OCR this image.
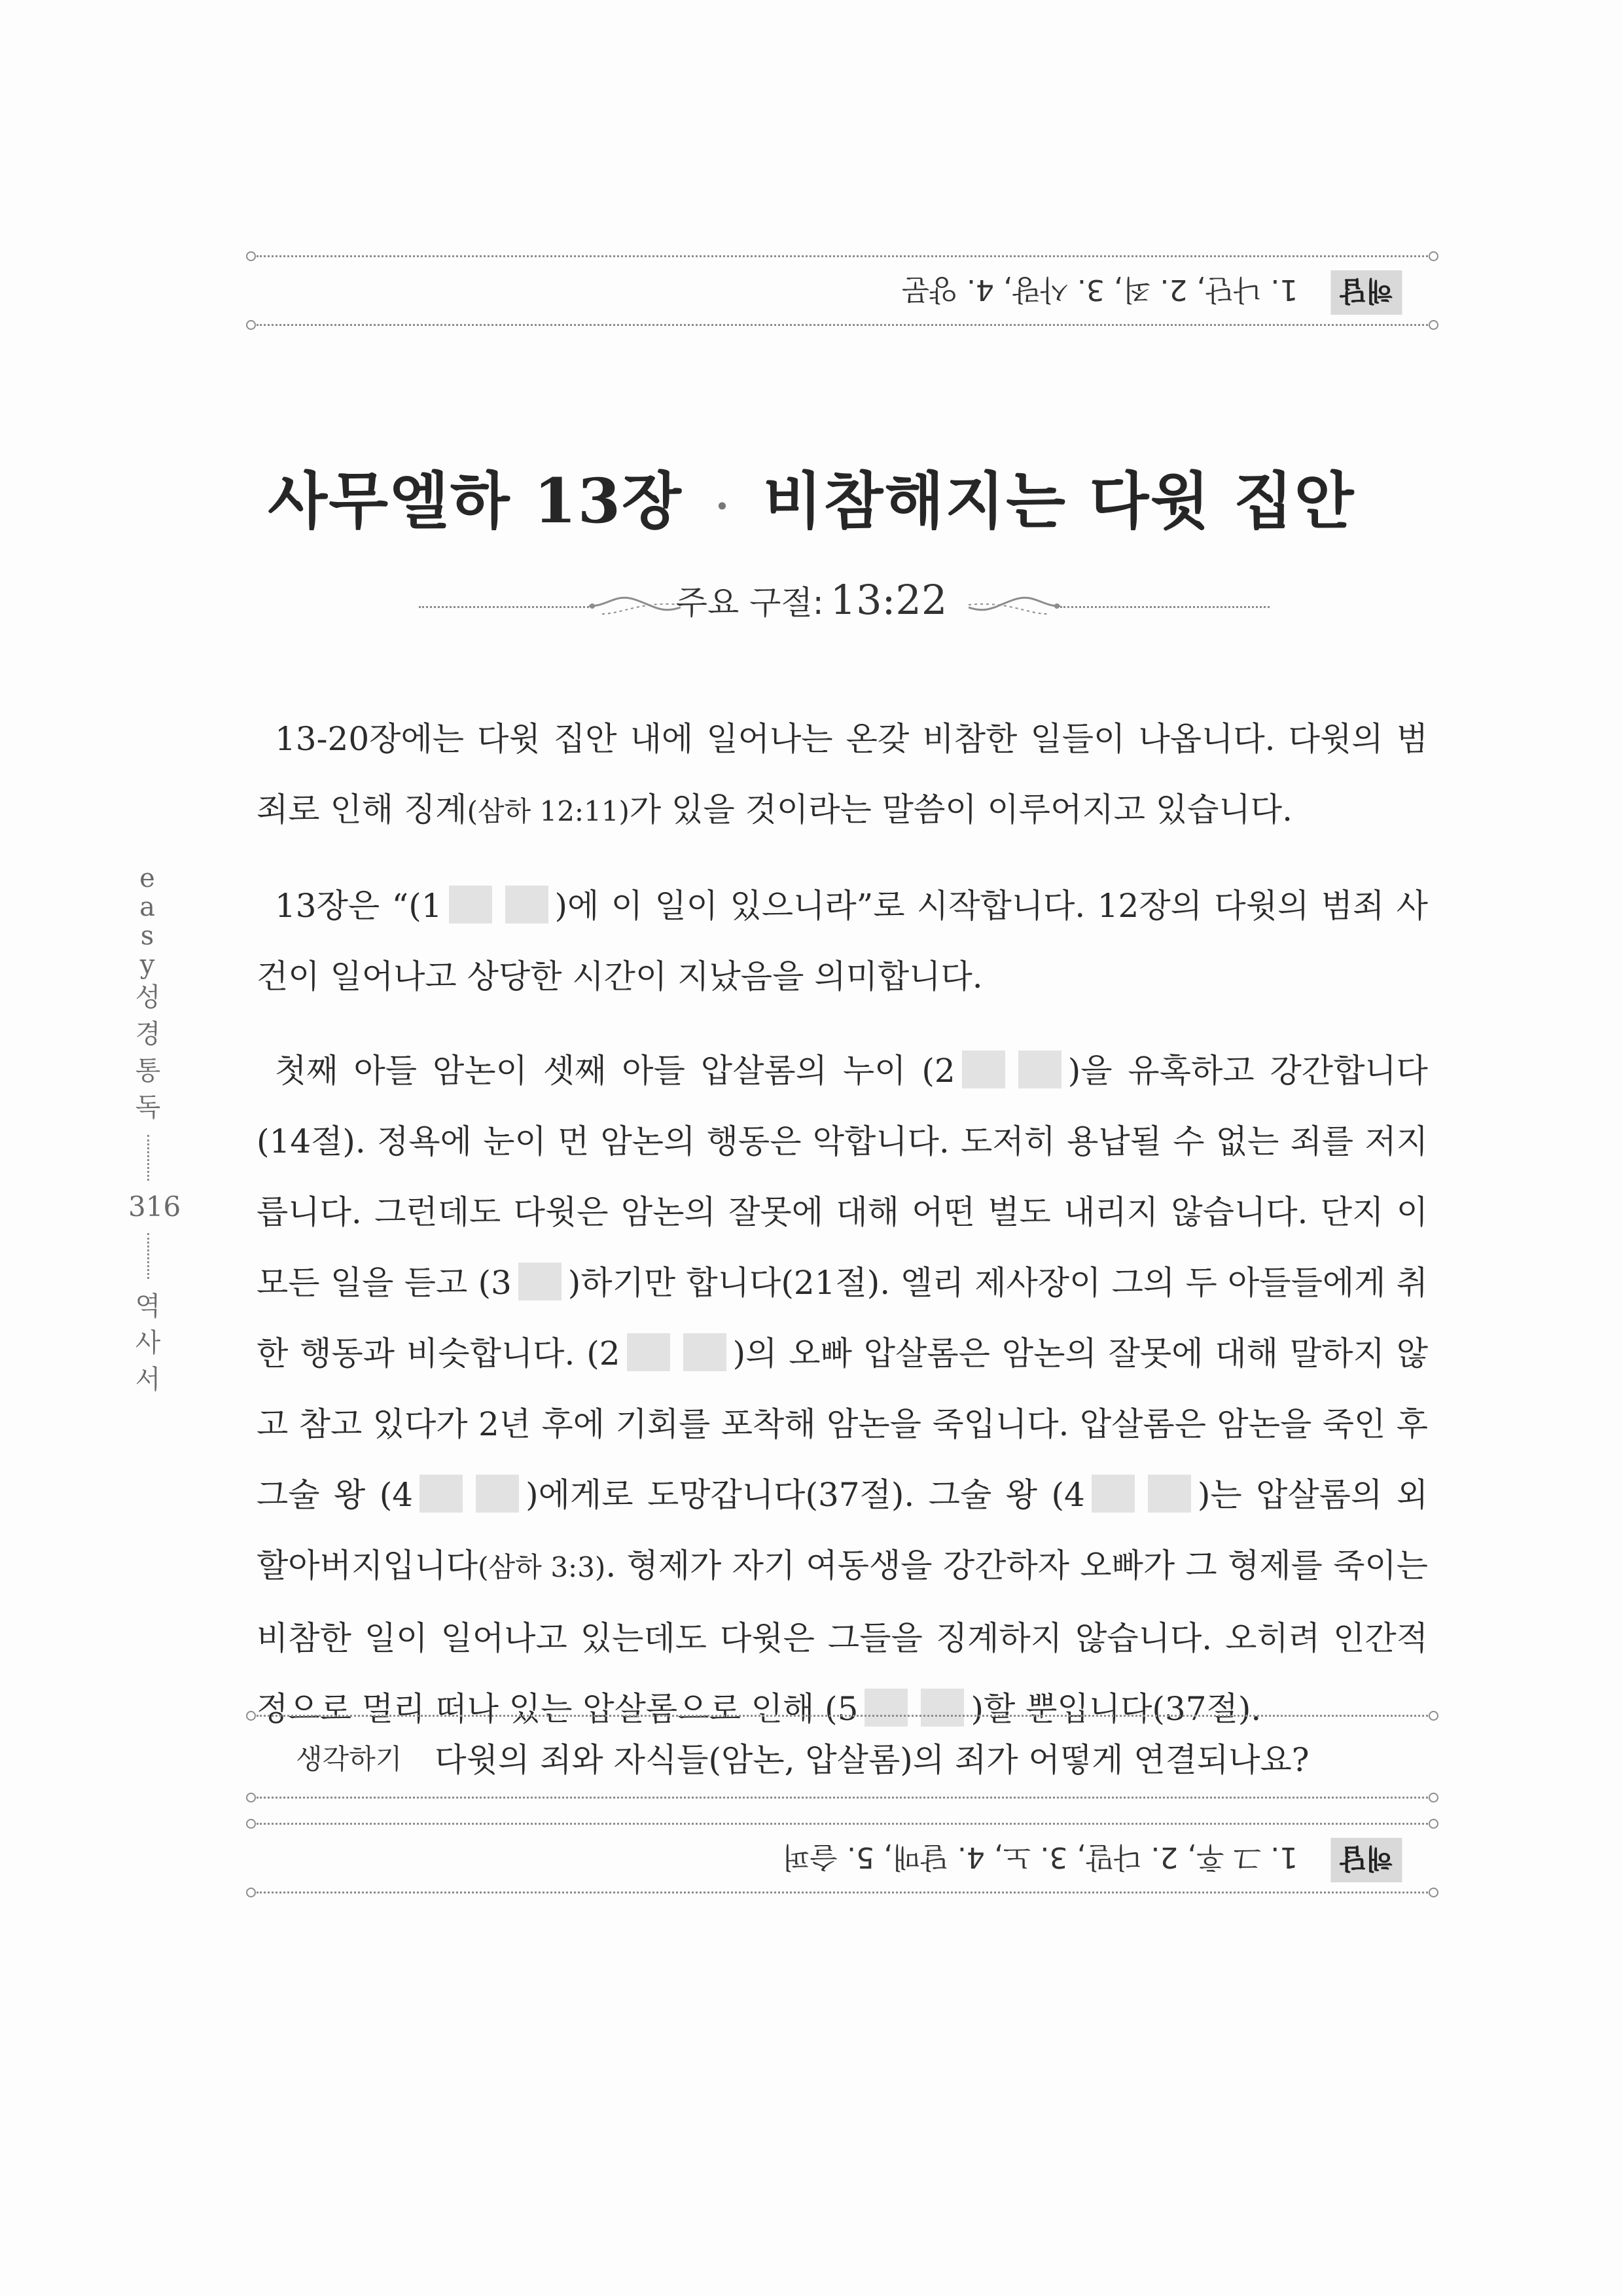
해답
1. 나단, 2. 죄, 3. 사랑, 4. 양문
사무엘하 13장 · 비참해지는 다윗 집안
주요 구절: 13:22
e
a
s
y
성
경
통
독
316
역
사
서

13-20장에는 다윗 집안 내에 일어나는 온갖 비참한 일들이 나옵니다. 다윗의 범죄로 인해 징계(삼하 12:11)가 있을 것이라는 말씀이 이루어지고 있습니다.

13장은 “(1	)에 이 일이 있으니라”로 시작합니다. 12장의 다윗의 범죄 사건이 일어나고 상당한 시간이 지났음을 의미합니다.

첫째 아들 암논이 셋째 아들 압살롬의 누이 (2	)을 유혹하고 강간합니다(14절). 정욕에 눈이 먼 암논의 행동은 악합니다. 도저히 용납될 수 없는 죄를 저지릅니다. 그런데도 다윗은 암논의 잘못에 대해 어떤 벌도 내리지 않습니다. 단지 이 모든 일을 듣고 (3 )하기만 합니다(21절). 엘리 제사장이 그의 두 아들들에게 취한 행동과 비슷합니다. (2	)의 오빠 압살롬은 암논의 잘못에 대해 말하지 않고 참고 있다가 2년 후에 기회를 포착해 암논을 죽입니다. 압살롬은 암논을 죽인 후 그술 왕 (4	)에게로 도망갑니다(37절). 그술 왕 (4	)는 압살롬의 외할아버지입니다(삼하 3:3). 형제가 자기 여동생을 강간하자 오빠가 그 형제를 죽이는 비참한 일이 일어나고 있는데도 다윗은 그들을 징계하지 않습니다. 오히려 인간적 정으로 멀리 떠나 있는 압살롬으로 인해 (5	)할 뿐입니다(37절).

생각하기 다윗의 죄와 자식들(암논, 압살롬)의 죄가 어떻게 연결되나요?
해답
1. 그 후, 2. 다말, 3. 노, 4. 달매, 5. 슬퍼
